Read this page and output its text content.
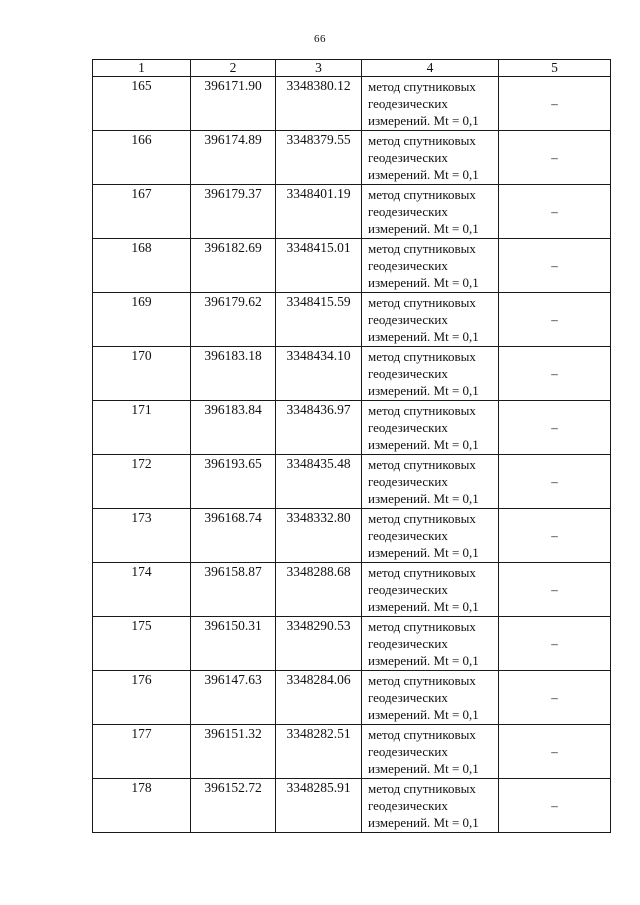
66
1	2	3	4	5
165	396171.90	3348380.12	метод спутниковых геодезических измерений. Mt = 0,1	–
166	396174.89	3348379.55	метод спутниковых геодезических измерений. Mt = 0,1	–
167	396179.37	3348401.19	метод спутниковых геодезических измерений. Mt = 0,1	–
168	396182.69	3348415.01	метод спутниковых геодезических измерений. Mt = 0,1	–
169	396179.62	3348415.59	метод спутниковых геодезических измерений. Mt = 0,1	–
170	396183.18	3348434.10	метод спутниковых геодезических измерений. Mt = 0,1	–
171	396183.84	3348436.97	метод спутниковых геодезических измерений. Mt = 0,1	–
172	396193.65	3348435.48	метод спутниковых геодезических измерений. Mt = 0,1	–
173	396168.74	3348332.80	метод спутниковых геодезических измерений. Mt = 0,1	–
174	396158.87	3348288.68	метод спутниковых геодезических измерений. Mt = 0,1	–
175	396150.31	3348290.53	метод спутниковых геодезических измерений. Mt = 0,1	–
176	396147.63	3348284.06	метод спутниковых геодезических измерений. Mt = 0,1	–
177	396151.32	3348282.51	метод спутниковых геодезических измерений. Mt = 0,1	–
178	396152.72	3348285.91	метод спутниковых геодезических измерений. Mt = 0,1	–
